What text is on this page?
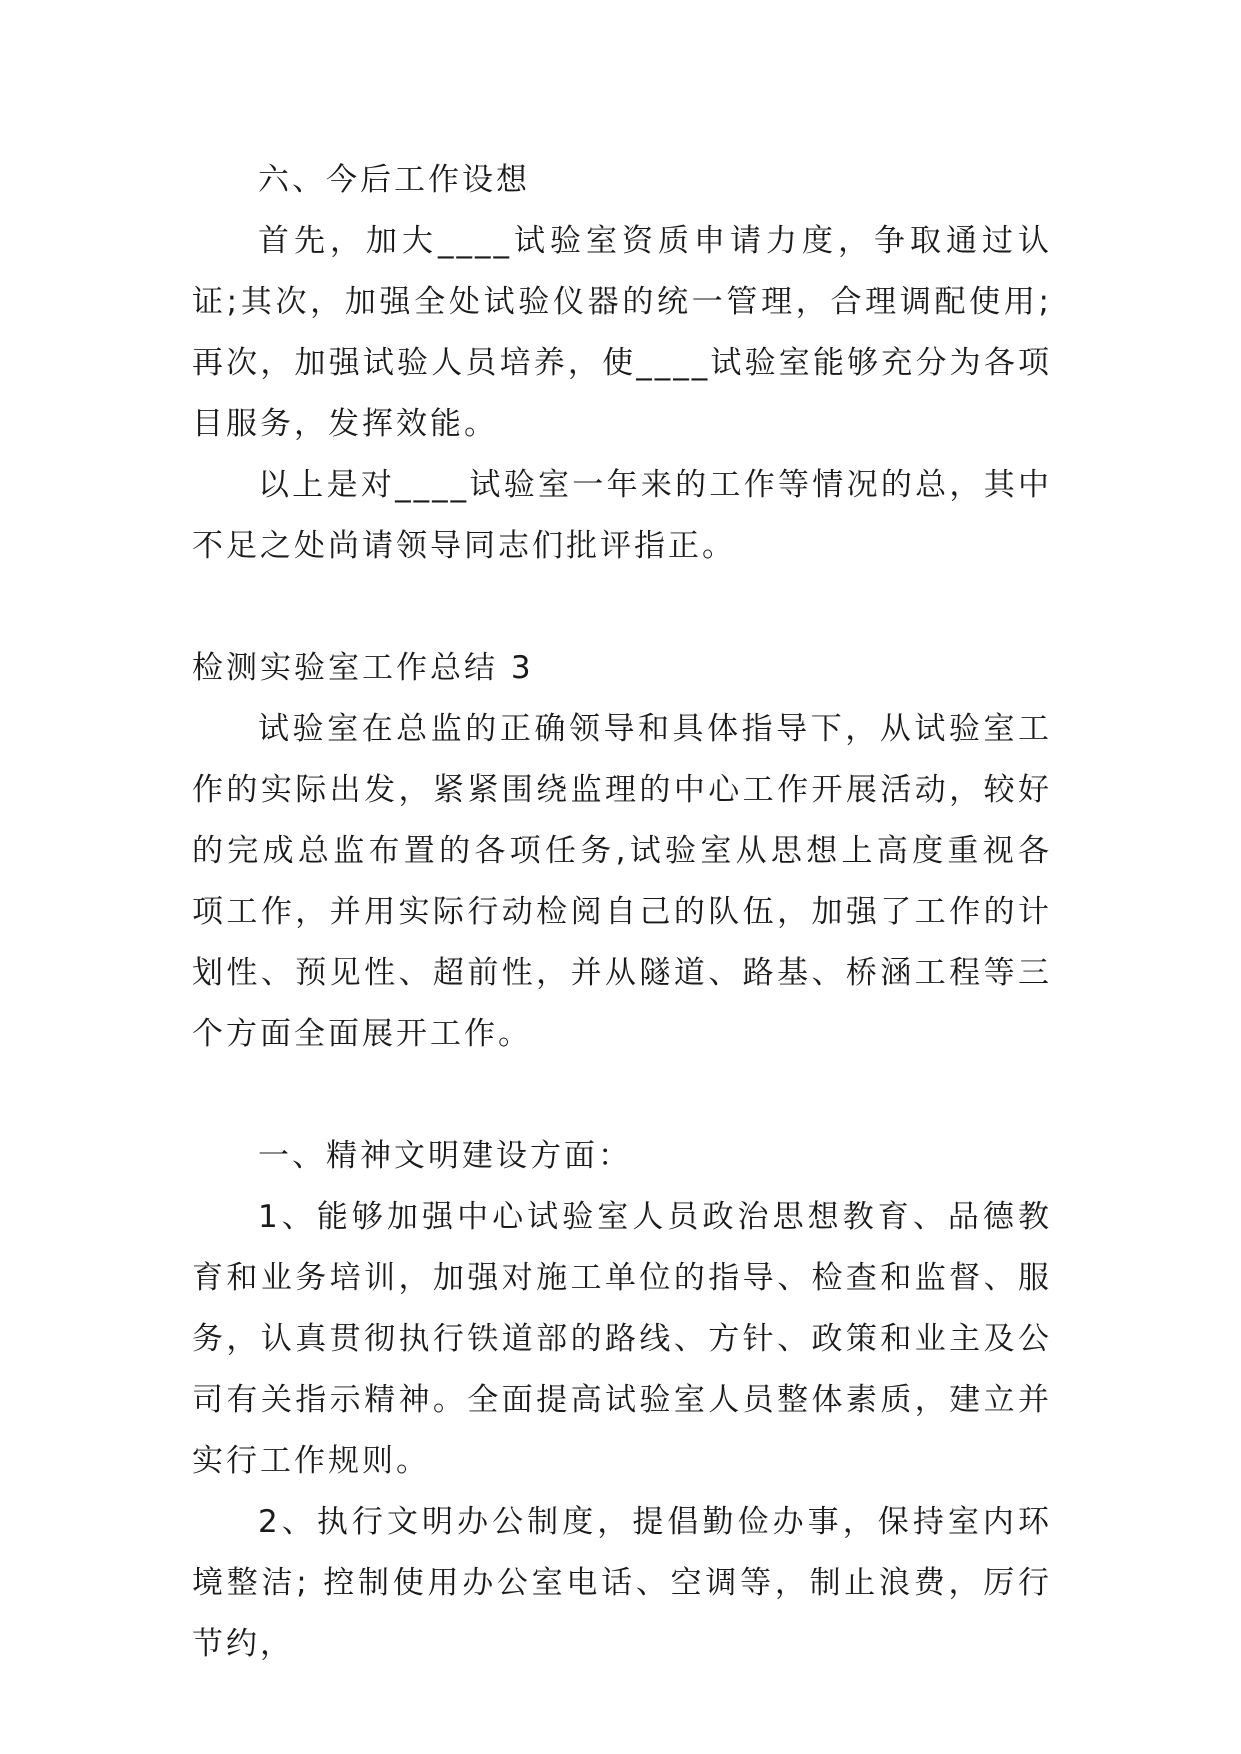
六、今后工作设想

首先，加大____试验室资质申请力度，争取通过认证;其次，加强全处试验仪器的统一管理，合理调配使用;再次，加强试验人员培养，使____试验室能够充分为各项目服务，发挥效能。

以上是对____试验室一年来的工作等情况的总，其中不足之处尚请领导同志们批评指正。

检测实验室工作总结 3

试验室在总监的正确领导和具体指导下，从试验室工作的实际出发，紧紧围绕监理的中心工作开展活动，较好的完成总监布置的各项任务,试验室从思想上高度重视各项工作，并用实际行动检阅自己的队伍，加强了工作的计划性、预见性、超前性，并从隧道、路基、桥涵工程等三个方面全面展开工作。

一、精神文明建设方面：

1、能够加强中心试验室人员政治思想教育、品德教育和业务培训，加强对施工单位的指导、检查和监督、服务，认真贯彻执行铁道部的路线、方针、政策和业主及公司有关指示精神。全面提高试验室人员整体素质，建立并实行工作规则。

2、执行文明办公制度，提倡勤俭办事，保持室内环境整洁; 控制使用办公室电话、空调等，制止浪费，厉行节约，
